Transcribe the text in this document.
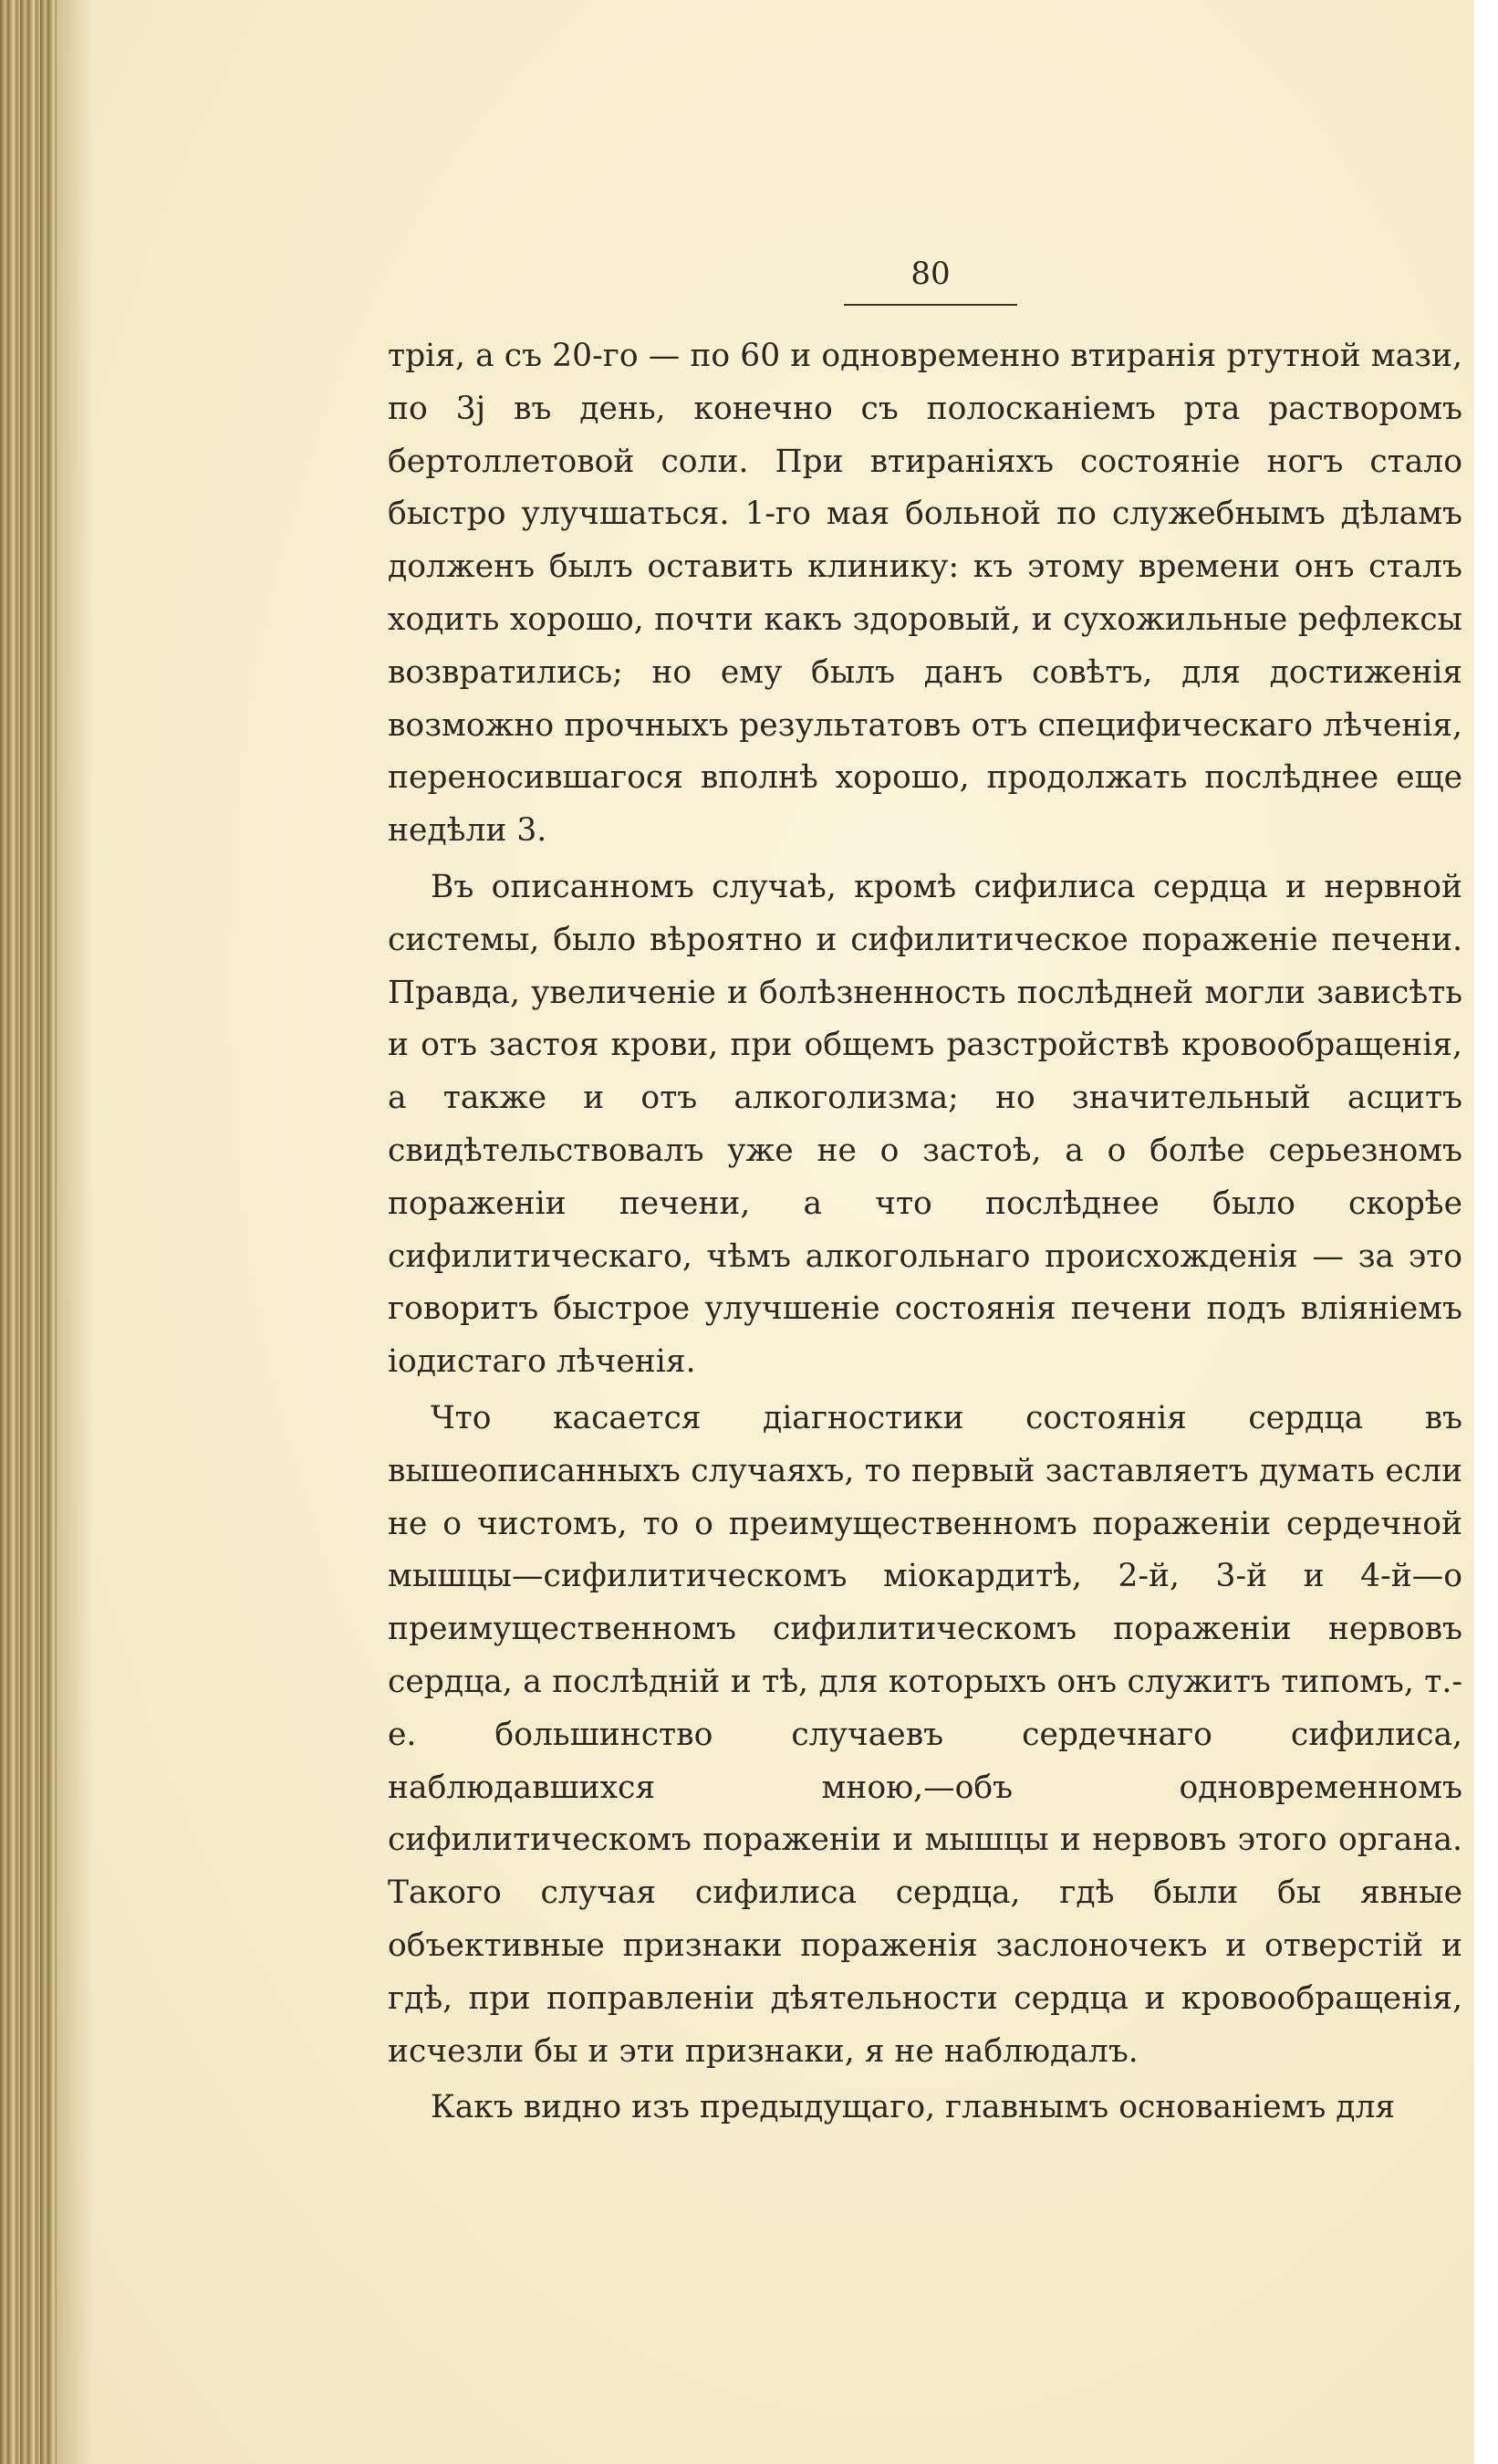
80

трія, а съ 20-го — по 60 и одновременно втиранія ртутной мази, по 3j въ день, конечно съ полосканіемъ рта растворомъ бертоллетовой соли. При втираніяхъ состояніе ногъ стало быстро улучшаться. 1-го мая больной по служебнымъ дѣламъ долженъ былъ оставить клинику: къ этому времени онъ сталъ ходить хорошо, почти какъ здоровый, и сухожильные рефлексы возвратились; но ему былъ данъ совѣтъ, для достиженія возможно прочныхъ результатовъ отъ специфическаго лѣченія, переносившагося вполнѣ хорошо, продолжать послѣднее еще недѣли 3.

Въ описанномъ случаѣ, кромѣ сифилиса сердца и нервной системы, было вѣроятно и сифилитическое пораженіе печени. Правда, увеличеніе и болѣзненность послѣдней могли зависѣть и отъ застоя крови, при общемъ разстройствѣ кровообращенія, а также и отъ алкоголизма; но значительный асцитъ свидѣтельствовалъ уже не о застоѣ, а о болѣе серьезномъ пораженіи печени, а что послѣднее было скорѣе сифилитическаго, чѣмъ алкогольнаго происхожденія — за это говоритъ быстрое улучшеніе состоянія печени подъ вліяніемъ іодистаго лѣченія.

Что касается діагностики состоянія сердца въ вышеописанныхъ случаяхъ, то первый заставляетъ думать если не о чистомъ, то о преимущественномъ пораженіи сердечной мышцы—сифилитическомъ міокардитѣ, 2-й, 3-й и 4-й—о преимущественномъ сифилитическомъ пораженіи нервовъ сердца, а послѣдній и тѣ, для которыхъ онъ служитъ типомъ, т.-е. большинство случаевъ сердечнаго сифилиса, наблюдавшихся мною,—объ одновременномъ сифилитическомъ пораженіи и мышцы и нервовъ этого органа. Такого случая сифилиса сердца, гдѣ были бы явные объективные признаки пораженія заслоночекъ и отверстій и гдѣ, при поправленіи дѣятельности сердца и кровообращенія, исчезли бы и эти признаки, я не наблюдалъ.

Какъ видно изъ предыдущаго, главнымъ основаніемъ для
